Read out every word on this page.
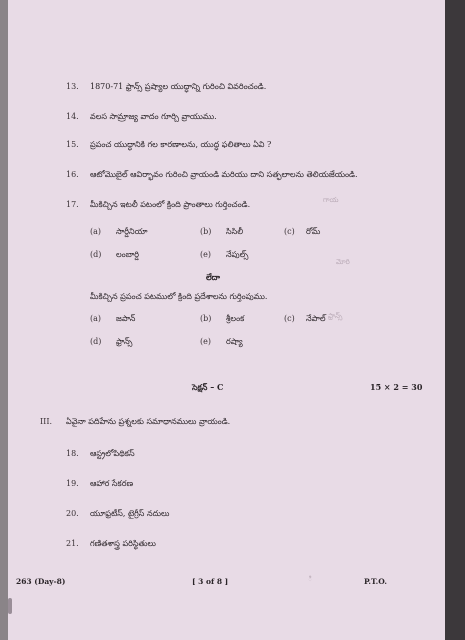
గాయ
మోరి
ఫ్రాన్స్
ి
13. 1870-71 ఫ్రాన్స్ ప్రష్యాల యుద్ధాన్ని గురించి వివరించండి.
14. వలస సామ్రాజ్య వాదం గూర్చి వ్రాయుము.
15. ప్రపంచ యుద్ధానికి గల కారణాలను, యుద్ధ ఫలితాలు ఏవి ?
16. ఆటోమొబైల్ ఆవిర్భావం గురించి వ్రాయండి మరియు దాని సత్ఫలాలను తెలియజేయండి.
17. మీకిచ్చిన ఇటలీ పటంలో క్రింది ప్రాంతాలు గుర్తించండి.
(a) సార్డీనియా	(b) సిసిలీ	(c) రోమ్
(d) లంబార్డి	(e) నేపుల్స్
లేదా
మీకిచ్చిన ప్రపంచ పటములో క్రింది ప్రదేశాలను గుర్తింపుము.
(a) జపాన్	(b) శ్రీలంక	(c) నేపాల్
(d) ఫ్రాన్స్	(e) రష్యా
సెక్షన్ – C	15 × 2 = 30
III. ఏవైనా పదిహేను ప్రశ్నలకు సమాధానములు వ్రాయండి.
18. ఆస్ట్రలోపిథికస్
19. ఆహార సేకరణ
20. యూఫ్రటీస్, టైగ్రీస్ నదులు
21. గణితశాస్త్ర పరిస్థితులు
263 (Day-8)	[ 3 of 8 ]	P.T.O.
